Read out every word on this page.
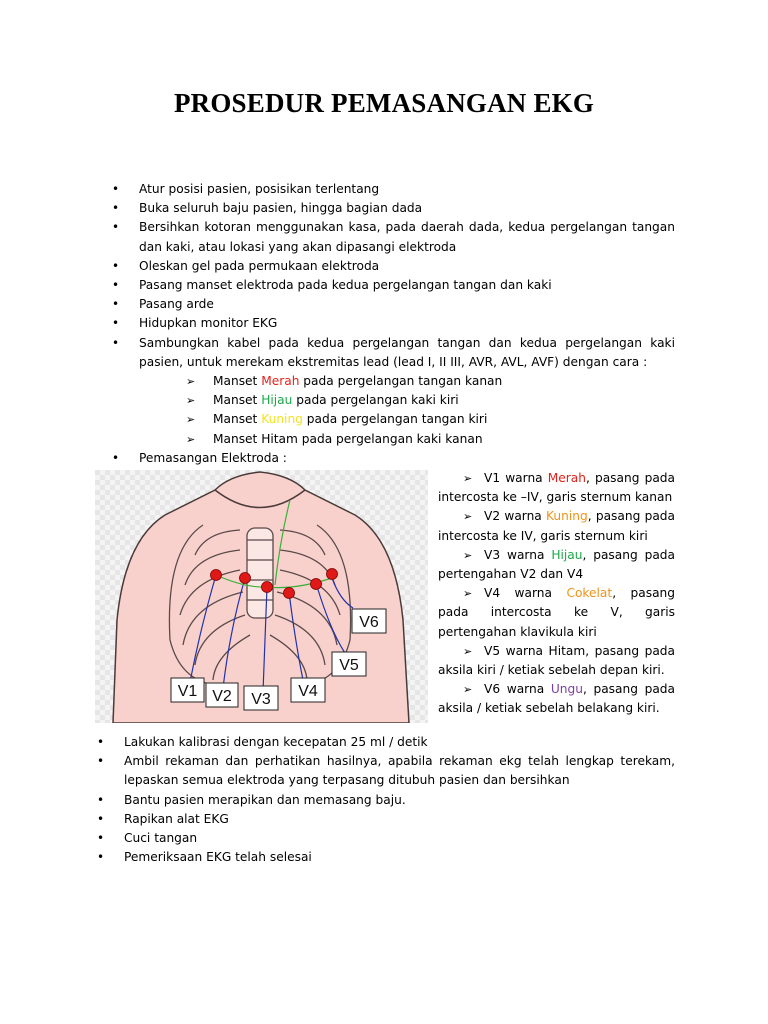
PROSEDUR PEMASANGAN EKG
• Atur posisi pasien, posisikan terlentang
• Buka seluruh baju pasien, hingga bagian dada
• Bersihkan kotoran menggunakan kasa, pada daerah dada, kedua pergelangan tangan dan kaki, atau lokasi yang akan dipasangi elektroda
• Oleskan gel pada permukaan elektroda
• Pasang manset elektroda pada kedua pergelangan tangan dan kaki
• Pasang arde
• Hidupkan monitor EKG
• Sambungkan kabel pada kedua pergelangan tangan dan kedua pergelangan kaki pasien, untuk merekam ekstremitas lead (lead I, II III, AVR, AVL, AVF) dengan cara :
➢ Manset Merah pada pergelangan tangan kanan
➢ Manset Hijau pada pergelangan kaki kiri
➢ Manset Kuning pada pergelangan tangan kiri
➢ Manset Hitam pada pergelangan kaki kanan
• Pemasangan Elektroda :
V1 V2 V3 V4
V5
V6

➢ V1 warna Merah, pasang pada intercosta ke –IV, garis sternum kanan

➢ V2 warna Kuning, pasang pada intercosta ke IV, garis sternum kiri

➢ V3 warna Hijau, pasang pada pertengahan V2 dan V4

➢ V4 warna Cokelat, pasang pada intercosta ke V, garis pertengahan klavikula kiri

➢ V5 warna Hitam, pasang pada aksila kiri / ketiak sebelah depan kiri.

➢ V6 warna Ungu, pasang pada aksila / ketiak sebelah belakang kiri.

• Lakukan kalibrasi dengan kecepatan 25 ml / detik
• Ambil rekaman dan perhatikan hasilnya, apabila rekaman ekg telah lengkap terekam, lepaskan semua elektroda yang terpasang ditubuh pasien dan bersihkan
• Bantu pasien merapikan dan memasang baju.
• Rapikan alat EKG
• Cuci tangan
• Pemeriksaan EKG telah selesai
